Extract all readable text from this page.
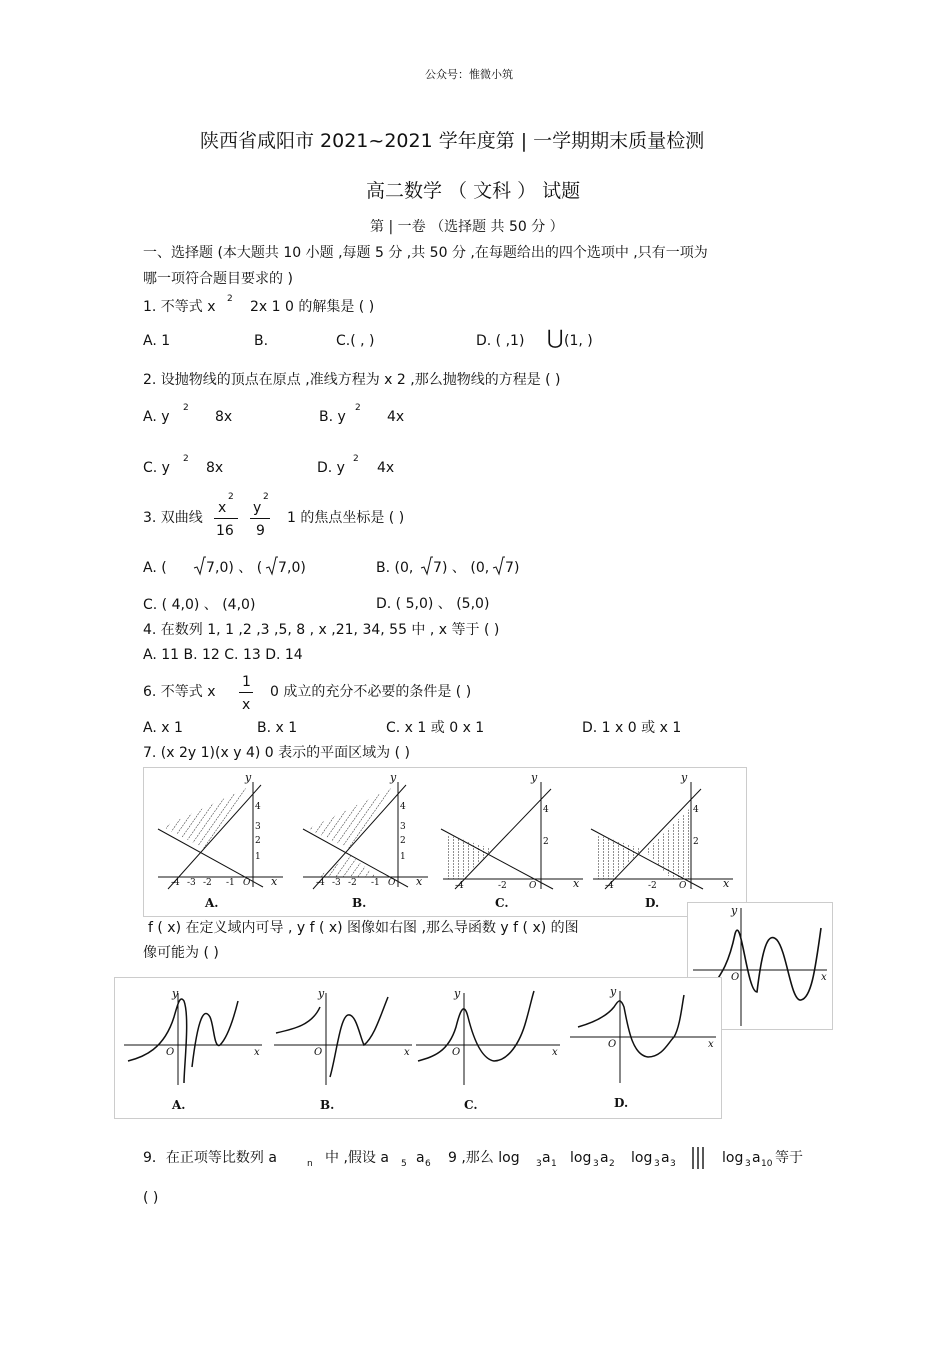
公众号：惟微小筑
陕西省咸阳市 2021~2021 学年度第 | 一学期期末质量检测
高二数学 （ 文科 ） 试题
第 | 一卷 （选择题 共 50 分 ）
一、选择题 (本大题共 10 小题 ,每题 5 分 ,共 50 分 ,在每题给出的四个选项中 ,只有一项为
哪一项符合题目要求的 )
1. 不等式 x 2 2x 1 0 的解集是 ( )
A. 1	B.	C.( , )	D. ( ,1) ⋃ (1, )
2. 设抛物线的顶点在原点 ,准线方程为 x 2 ,那么抛物线的方程是 ( )
A. y
2
8x	B. y
2
4x
C. y
2
8x	D. y
2
4x
3. 双曲线
x
2
16
y
2
9
1 的焦点坐标是 ( )
A. (	7 ,0) 、 ( 7 ,0)	B. (0, 7 ) 、 (0, 7 )
C. ( 4,0) 、 (4,0)	D. ( 5,0) 、 (5,0)
4. 在数列 1, 1 ,2 ,3 ,5, 8 , x ,21, 34, 55 中 , x 等于 ( )
A. 11 B. 12 C. 13 D. 14
6. 不等式 x
1
x
0 成立的充分不必要的条件是 ( )
A. x 1	B. x 1	C. x 1 或 0 x 1	D. 1 x 0 或 x 1
7. (x 2y 1)(x y 4) 0 表示的平面区域为 ( )
y
x
4
3
2
1
-4 -3 -2 -1 O
A.
y
x
4
3
2
1
-4 -3 -2 -1 O
B.
y
x
4
2
-4	-2 O
C.
y
x
4
2
-4	-2 O
D.
f ( x) 在定义域内可导 , y f ( x) 图像如右图 ,那么导函数 y f ( x) 的图
像可能为 ( )
y
x
O
y
x
O
A.
y
x
O
B.
y
x
O
C.
y
x
O
D.
9．在正项等比数列 a	n 中 ,假设 a 5 a 6 9 ,那么 log 3 a 1 log 3 a 2 log 3 a 3	log 3 a 10 等于
( )
